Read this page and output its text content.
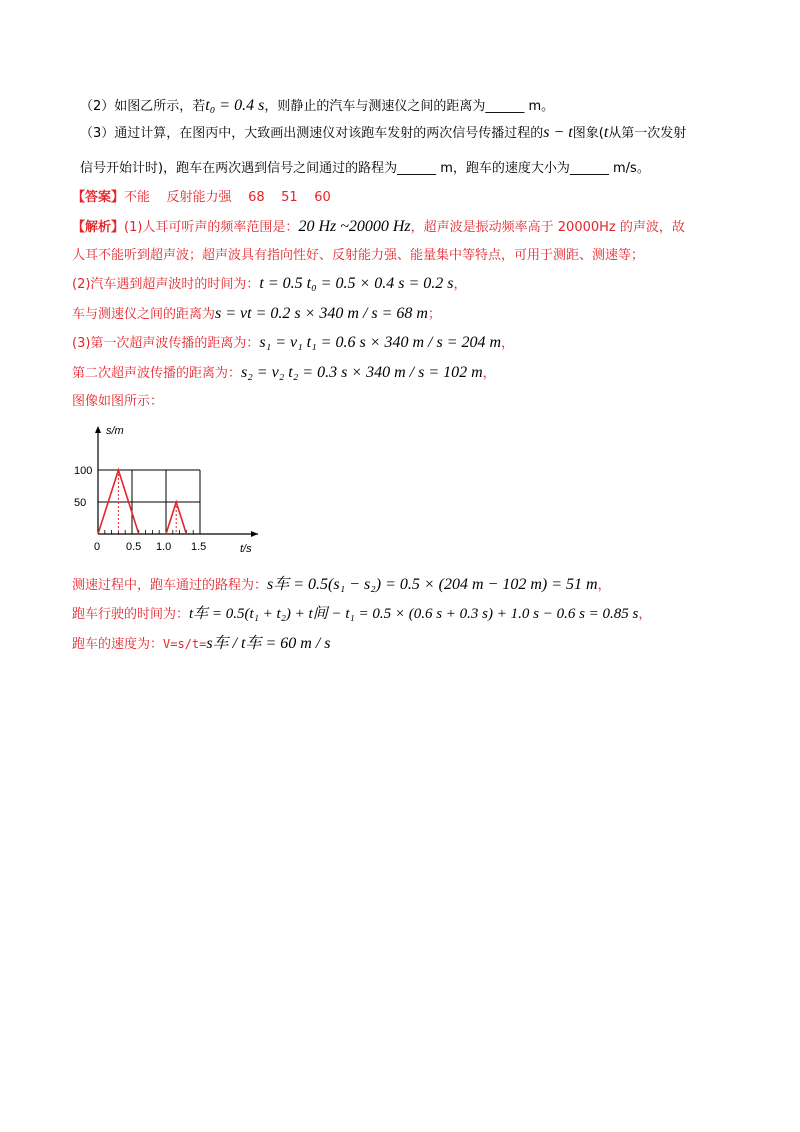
（2）如图乙所示，若t₀ = 0.4 s，则静止的汽车与测速仪之间的距离为______ m。
（3）通过计算，在图丙中，大致画出测速仪对该跑车发射的两次信号传播过程的s − t图象(t从第一次发射
信号开始计时)，跑车在两次遇到信号之间通过的路程为______ m，跑车的速度大小为______ m/s。
【答案】不能    反射能力强    68    51    60
【解析】(1)人耳可听声的频率范围是：20 Hz ~20000 Hz，超声波是振动频率高于 20000Hz 的声波，故
人耳不能听到超声波；超声波具有指向性好、反射能力强、能量集中等特点，可用于测距、测速等；
(2)汽车遇到超声波时的时间为：t = 0.5 t₀ = 0.5 × 0.4 s = 0.2 s，
车与测速仪之间的距离为s = vt = 0.2 s × 340 m / s = 68 m；
(3)第一次超声波传播的距离为：s₁ = v₁ t₁ = 0.6 s × 340 m / s = 204 m，
第二次超声波传播的距离为：s₂ = v₂ t₂ = 0.3 s × 340 m / s = 102 m，
图像如图所示：
s/m
t/s
100
50
0 0.5 1.0 1.5
测速过程中，跑车通过的路程为：s车 = 0.5(s₁ − s₂) = 0.5 × (204 m − 102 m) = 51 m，
跑车行驶的时间为：t车 = 0.5(t₁ + t₂) + t间 − t₁ = 0.5 × (0.6 s + 0.3 s) + 1.0 s − 0.6 s = 0.85 s，
跑车的速度为：V=s/t=s车 / t车 = 60 m / s
